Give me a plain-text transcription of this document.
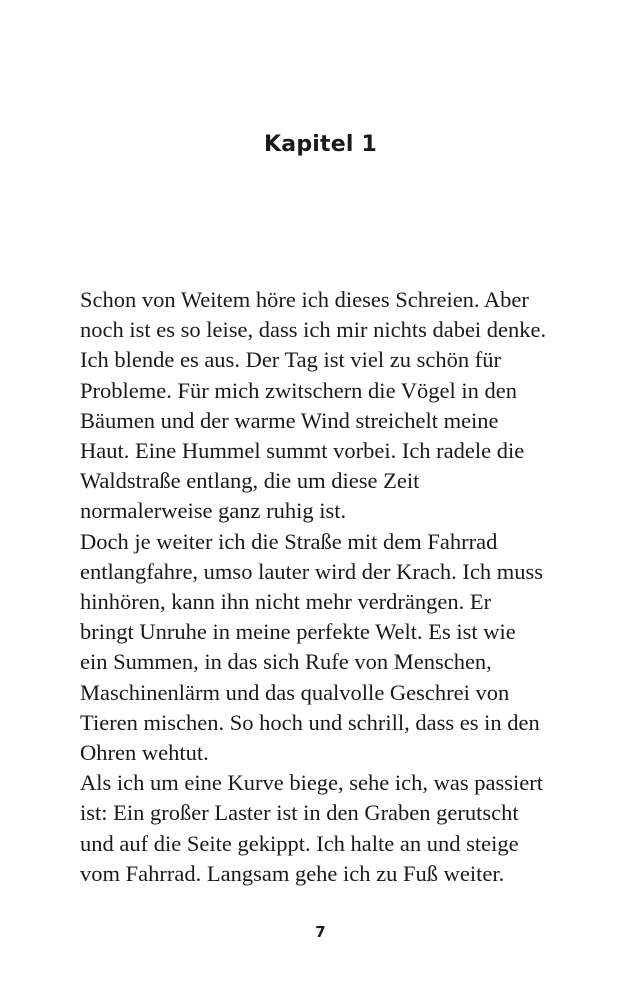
Kapitel 1
Schon von Weitem höre ich dieses Schreien. Aber
noch ist es so leise, dass ich mir nichts dabei denke.
Ich blende es aus. Der Tag ist viel zu schön für
Probleme. Für mich zwitschern die Vögel in den
Bäumen und der warme Wind streichelt meine
Haut. Eine Hummel summt vorbei. Ich radele die
Waldstraße entlang, die um diese Zeit
normalerweise ganz ruhig ist.
Doch je weiter ich die Straße mit dem Fahrrad
entlangfahre, umso lauter wird der Krach. Ich muss
hinhören, kann ihn nicht mehr verdrängen. Er
bringt Unruhe in meine perfekte Welt. Es ist wie
ein Summen, in das sich Rufe von Menschen,
Maschinenlärm und das qualvolle Geschrei von
Tieren mischen. So hoch und schrill, dass es in den
Ohren wehtut.
Als ich um eine Kurve biege, sehe ich, was passiert
ist: Ein großer Laster ist in den Graben gerutscht
und auf die Seite gekippt. Ich halte an und steige
vom Fahrrad. Langsam gehe ich zu Fuß weiter.
7
